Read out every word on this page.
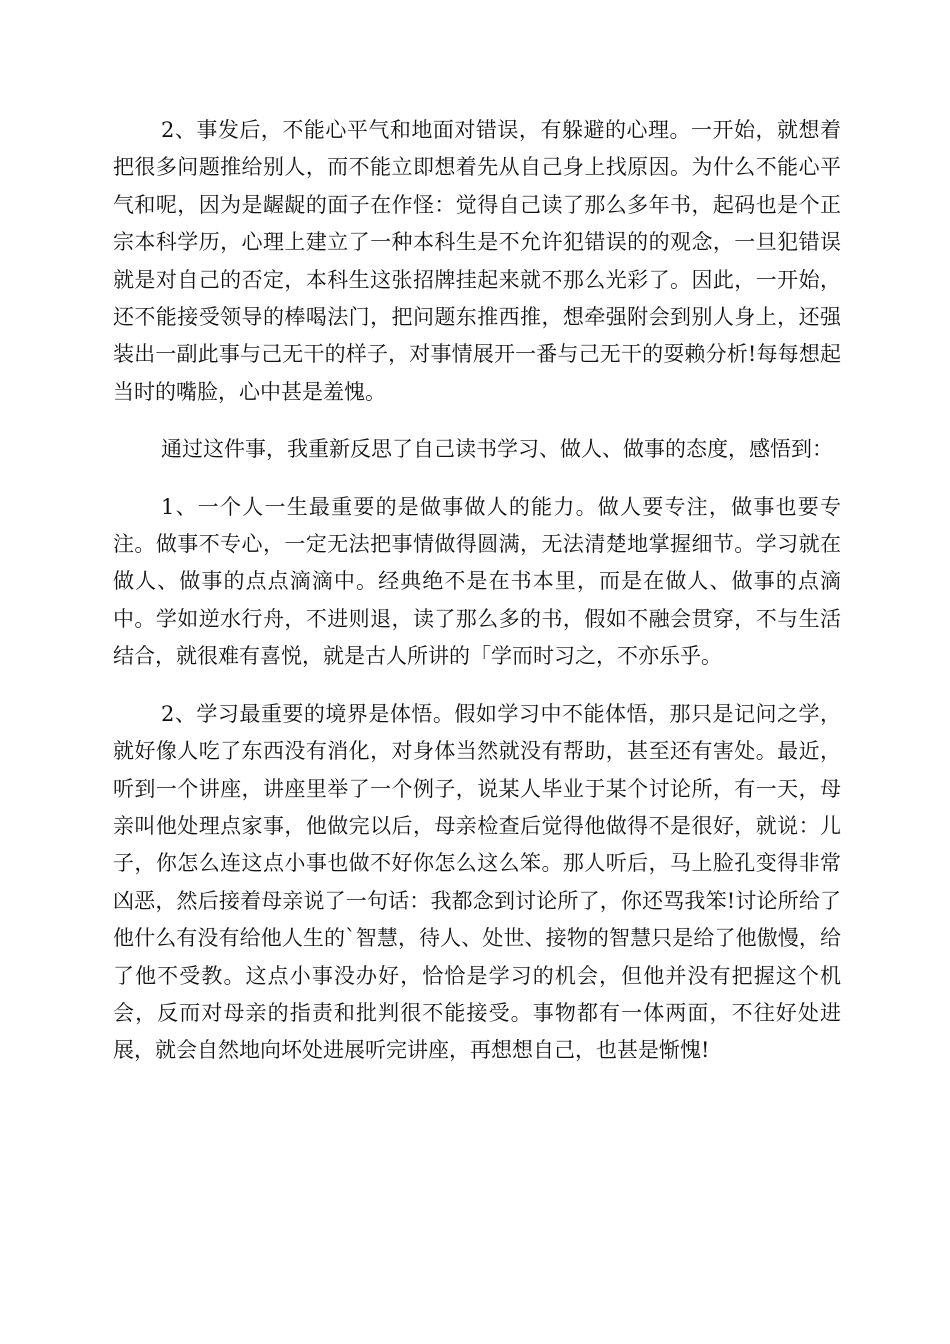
2、事发后，不能心平气和地面对错误，有躲避的心理。一开始，就想着把很多问题推给别人，而不能立即想着先从自己身上找原因。为什么不能心平气和呢，因为是龌龊的面子在作怪：觉得自己读了那么多年书，起码也是个正宗本科学历，心理上建立了一种本科生是不允许犯错误的的观念，一旦犯错误就是对自己的否定，本科生这张招牌挂起来就不那么光彩了。因此，一开始，还不能接受领导的棒喝法门，把问题东推西推，想牵强附会到别人身上，还强装出一副此事与己无干的样子，对事情展开一番与己无干的耍赖分析!每每想起当时的嘴脸，心中甚是羞愧。

通过这件事，我重新反思了自己读书学习、做人、做事的态度，感悟到：

1、一个人一生最重要的是做事做人的能力。做人要专注，做事也要专注。做事不专心，一定无法把事情做得圆满，无法清楚地掌握细节。学习就在做人、做事的点点滴滴中。经典绝不是在书本里，而是在做人、做事的点滴中。学如逆水行舟，不进则退，读了那么多的书，假如不融会贯穿，不与生活结合，就很难有喜悦，就是古人所讲的「学而时习之，不亦乐乎。

2、学习最重要的境界是体悟。假如学习中不能体悟，那只是记问之学，就好像人吃了东西没有消化，对身体当然就没有帮助，甚至还有害处。最近，听到一个讲座，讲座里举了一个例子，说某人毕业于某个讨论所，有一天，母亲叫他处理点家事，他做完以后，母亲检查后觉得他做得不是很好，就说：儿子，你怎么连这点小事也做不好你怎么这么笨。那人听后，马上脸孔变得非常凶恶，然后接着母亲说了一句话：我都念到讨论所了，你还骂我笨!讨论所给了他什么有没有给他人生的`智慧，待人、处世、接物的智慧只是给了他傲慢，给了他不受教。这点小事没办好，恰恰是学习的机会，但他并没有把握这个机会，反而对母亲的指责和批判很不能接受。事物都有一体两面，不往好处进展，就会自然地向坏处进展听完讲座，再想想自己，也甚是惭愧!
